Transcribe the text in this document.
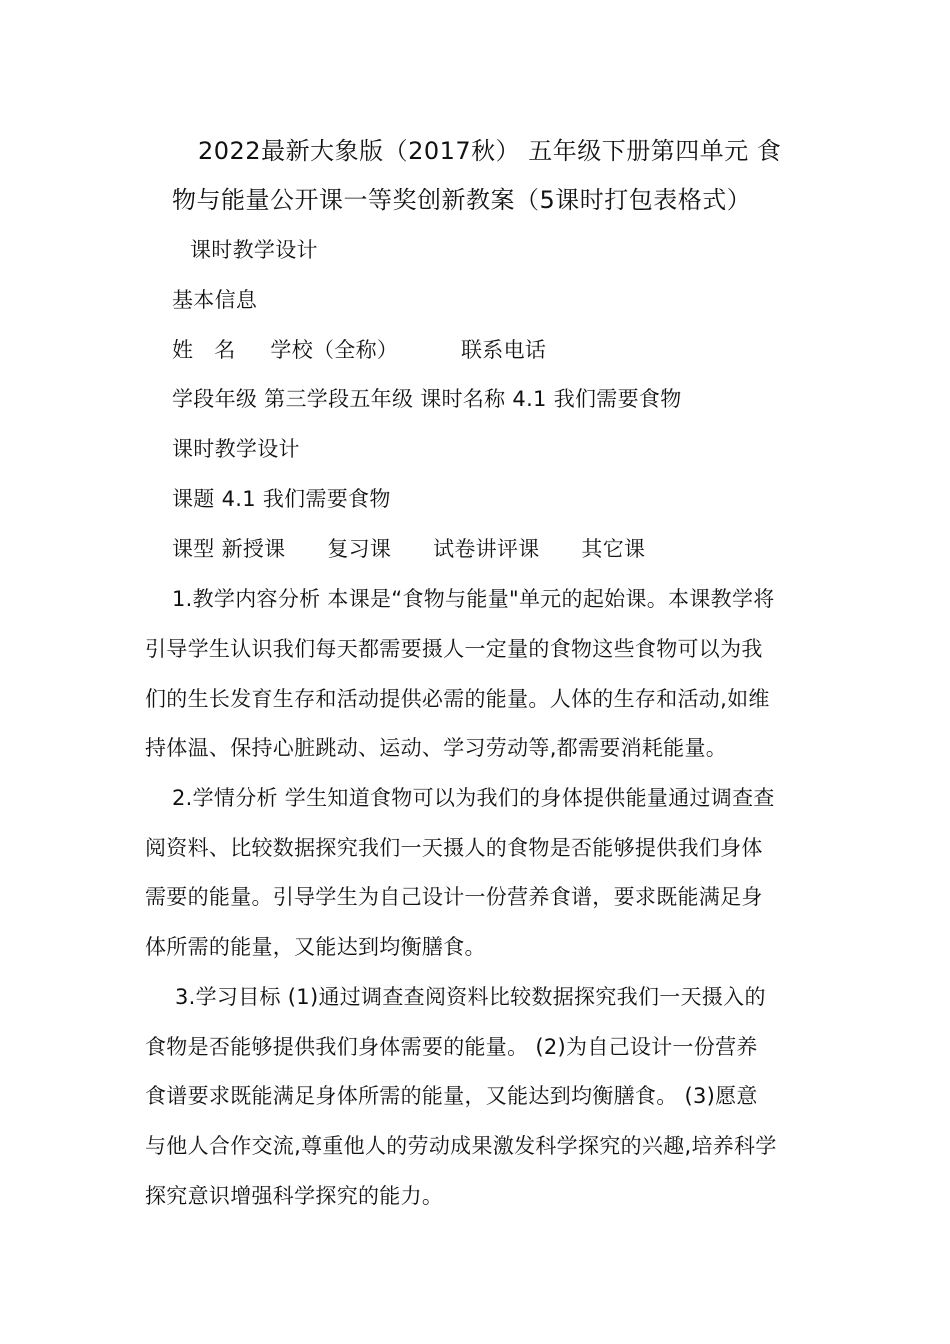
2022最新大象版（2017秋） 五年级下册第四单元 食
物与能量公开课一等奖创新教案（5课时打包表格式）
课时教学设计
基本信息
姓   名     学校（全称）         联系电话
学段年级 第三学段五年级 课时名称 4.1 我们需要食物
课时教学设计
课题 4.1 我们需要食物
课型 新授课      复习课      试卷讲评课      其它课
1.教学内容分析 本课是“食物与能量"单元的起始课。本课教学将
引导学生认识我们每天都需要摄人一定量的食物这些食物可以为我
们的生长发育生存和活动提供必需的能量。人体的生存和活动,如维
持体温、保持心脏跳动、运动、学习劳动等,都需要消耗能量。
2.学情分析 学生知道食物可以为我们的身体提供能量通过调查查
阅资料、比较数据探究我们一天摄人的食物是否能够提供我们身体
需要的能量。引导学生为自己设计一份营养食谱，要求既能满足身
体所需的能量，又能达到均衡膳食。
3.学习目标 (1)通过调查查阅资料比较数据探究我们一天摄入的
食物是否能够提供我们身体需要的能量。 (2)为自己设计一份营养
食谱要求既能满足身体所需的能量，又能达到均衡膳食。 (3)愿意
与他人合作交流,尊重他人的劳动成果激发科学探究的兴趣,培养科学
探究意识增强科学探究的能力。
